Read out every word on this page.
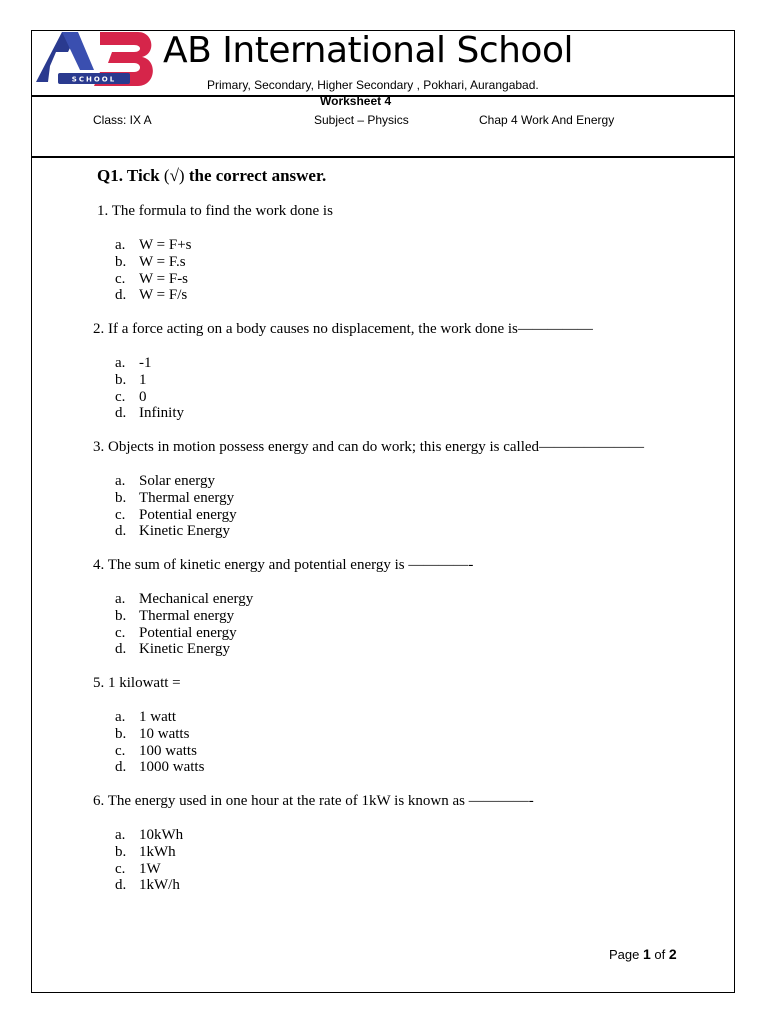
SCHOOL
AB International School
Primary, Secondary, Higher Secondary , Pokhari, Aurangabad.
Worksheet 4
Class: IX A	Subject – Physics	Chap 4 Work And Energy
Q1. Tick (√) the correct answer.
1. The formula to find the work done is
a. W = F+s
b. W = F.s
c. W = F-s
d. W = F/s
2. If a force acting on a body causes no displacement, the work done is—————
a. -1
b. 1
c. 0
d. Infinity
3. Objects in motion possess energy and can do work; this energy is called———————
a. Solar energy
b. Thermal energy
c. Potential energy
d. Kinetic Energy
4. The sum of kinetic energy and potential energy is ————-
a. Mechanical energy
b. Thermal energy
c. Potential energy
d. Kinetic Energy
5. 1 kilowatt =
a. 1 watt
b. 10 watts
c. 100 watts
d. 1000 watts
6. The energy used in one hour at the rate of 1kW is known as ————-
a. 10kWh
b. 1kWh
c. 1W
d. 1kW/h
Page 1 of 2
